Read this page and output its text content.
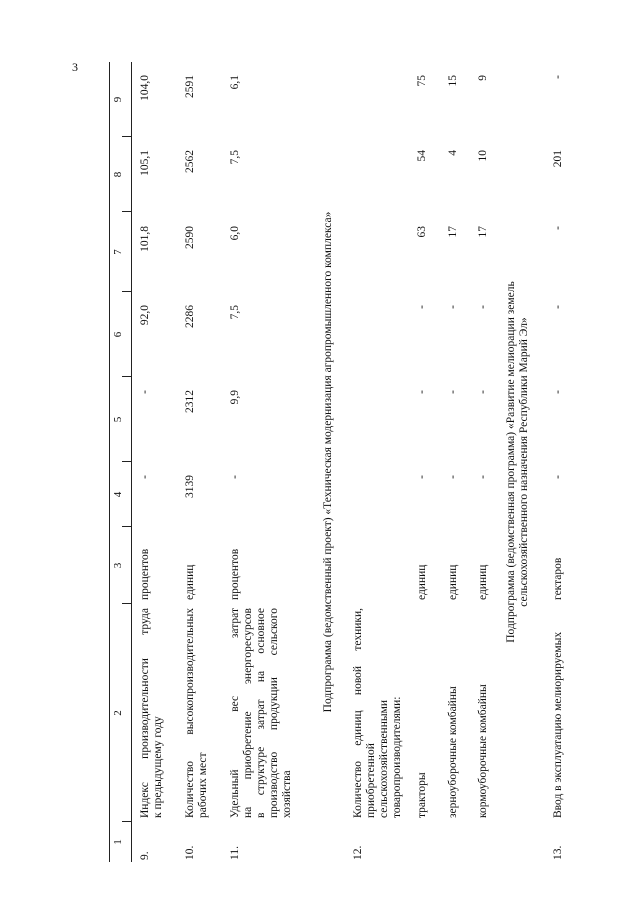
3
1
2
3
4
5
6
7
8
9
9.
Индекс производительности труда к предыдущему году
процентов
-
-
92,0
101,8
105,1
104,0
10.
Количество высокопроизводительных рабочих мест
единиц
3139
2312
2286
2590
2562
2591
11.
Удельный вес затрат на приобретение энергоресурсов в структуре затрат на основное производство продукции сельского хозяйства
процентов
-
9,9
7,5
6,0
7,5
6,1
Подпрограмма (ведомственный проект) «Техническая модернизация агропромышленного комплекса»
12.
Количество единиц новой техники, приобретенной сельскохозяйственными товаропроизводителями: тракторы
единиц
-
-
-
63
54
75
зерноуборочные комбайны
единиц
-
-
-
17
4
15
кормоуборочные комбайны
единиц
-
-
-
17
10
9
Подпрограмма (ведомственная программа) «Развитие мелиорации земель сельскохозяйственного назначения Республики Марий Эл»
13.
Ввод в эксплуатацию мелиорируемых
гектаров
-
-
-
-
201
-
